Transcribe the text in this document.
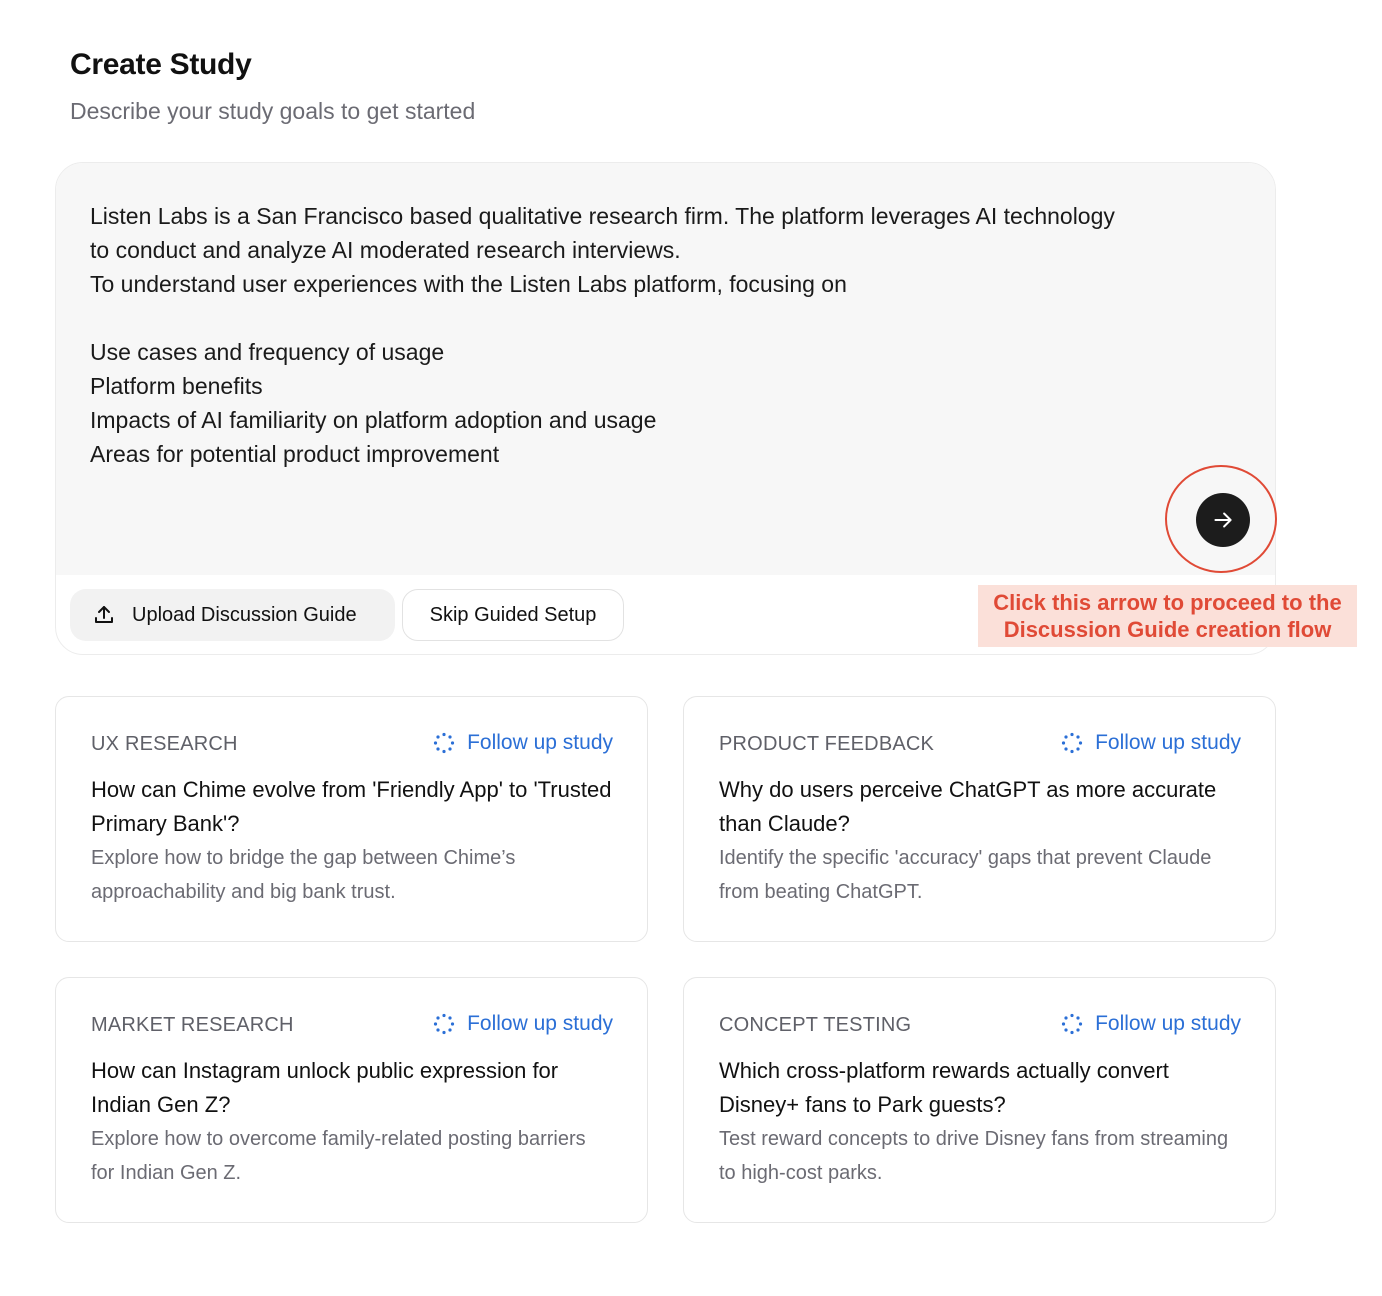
Create Study
Describe your study goals to get started
Listen Labs is a San Francisco based qualitative research firm. The platform leverages AI technology
to conduct and analyze AI moderated research interviews.
To understand user experiences with the Listen Labs platform, focusing on
Use cases and frequency of usage
Platform benefits
Impacts of AI familiarity on platform adoption and usage
Areas for potential product improvement
Upload Discussion Guide	Skip Guided Setup	Click this arrow to proceed to the
Discussion Guide creation flow
UX RESEARCH	Follow up study
How can Chime evolve from 'Friendly App' to 'Trusted Primary Bank'?
Explore how to bridge the gap between Chime’s approachability and big bank trust.
PRODUCT FEEDBACK	Follow up study
Why do users perceive ChatGPT as more accurate than Claude?
Identify the specific 'accuracy' gaps that prevent Claude from beating ChatGPT.
MARKET RESEARCH	Follow up study
How can Instagram unlock public expression for Indian Gen Z?
Explore how to overcome family-related posting barriers for Indian Gen Z.
CONCEPT TESTING	Follow up study
Which cross-platform rewards actually convert Disney+ fans to Park guests?
Test reward concepts to drive Disney fans from streaming to high-cost parks.
